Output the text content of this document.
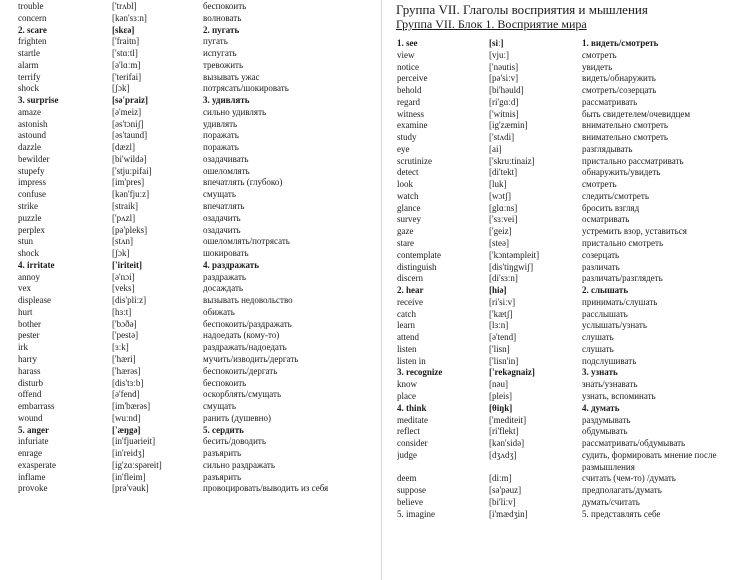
trouble	['trʌbl]	беспокоить
concern	[kən'sɜːn]	волновать
2. scare	[skɛə]	2. пугать
frighten	['fraitn]	пугать
startle	['stɑːtl]	испугать
alarm	[ə'lɑːm]	тревожить
terrify	['terifai]	вызывать ужас
shock	[ʃɔk]	потрясать/шокировать
3. surprise	[sə'praiz]	3. удивлять
amaze	[ə'meiz]	сильно удивлять
astonish	[əs'tɔniʃ]	удивлять
astound	[əs'taund]	поражать
dazzle	[dæzl]	поражать
bewilder	[bi'wildə]	озадачивать
stupefy	['stjuːpifai]	ошеломлять
impress	[im'pres]	впечатлять (глубоко)
confuse	[kən'fjuːz]	смущать
strike	[straik]	впечатлять
puzzle	['pʌzl]	озадачить
perplex	[pə'pleks]	озадачить
stun	[stʌn]	ошеломлять/потрясать
shock	[ʃɔk]	шокировать
4. irritate	['iriteit]	4. раздражать
annoy	[ə'nɔi]	раздражать
vex	[veks]	досаждать
displease	[dis'pliːz]	вызывать недовольство
hurt	[hɜːt]	обижать
bother	['bɔðə]	беспокоить/раздражать
pester	['pestə]	надоедать (кому-то)
irk	[ɜːk]	раздражать/надоедать
harry	['hæri]	мучить/изводить/дергать
harass	['hærəs]	беспокоить/дергать
disturb	[dis'tɜːb]	беспокоить
offend	[ə'fend]	оскорблять/смущать
embarrass	[im'bærəs]	смущать
wound	[wuːnd]	ранить (душевно)
5. anger	['æŋgə]	5. сердить
infuriate	[in'fjuərieit]	бесить/доводить
enrage	[in'reidʒ]	разъярить
exasperate	[ig'zɑːspəreit]	сильно раздражать
inflame	[in'fleim]	разъярить
provoke	[prə'vəuk]	провоцировать/выводить из себя
Группа VII. Глаголы восприятия и мышления
Группа VII. Блок 1. Восприятие мира
1. see	[siː]	1. видеть/смотреть
view	[vjuː]	смотреть
notice	['nəutis]	увидеть
perceive	[pə'siːv]	видеть/обнаружить
behold	[bi'həuld]	смотреть/созерцать
regard	[ri'gɑːd]	рассматривать
witness	['witnis]	быть свидетелем/очевидцем
examine	[ig'zæmin]	внимательно смотреть
study	['stʌdi]	внимательно смотреть
eye	[ai]	разглядывать
scrutinize	['skruːtinaiz]	пристально рассматривать
detect	[di'tekt]	обнаружить/увидеть
look	[luk]	смотреть
watch	[wɔtʃ]	следить/смотреть
glance	[glɑːns]	бросить взгляд
survey	['sɜːvei]	осматривать
gaze	['geiz]	устремить взор, уставиться
stare	[steə]	пристально смотреть
contemplate	['kɔntəmpleit]	созерцать
distinguish	[dis'tiŋgwiʃ]	различать
discern	[di'sɜːn]	различать/разглядеть
2. hear	[hiə]	2. слышать
receive	[ri'siːv]	принимать/слушать
catch	['kætʃ]	расслышать
learn	[lɜːn]	услышать/узнать
attend	[ə'tend]	слушать
listen	['lisn]	слушать
listen in	['lisn'in]	подслушивать
3. recognize	['rekəgnaiz]	3. узнать
know	[nəu]	знать/узнавать
place	[pleis]	узнать, вспоминать
4. think	[θiŋk]	4. думать
meditate	['mediteit]	раздумывать
reflect	[ri'flekt]	обдумывать
consider	[kən'sidə]	рассматривать/обдумывать
judge	[dʒʌdʒ]	судить, формировать мнение после
размышления
deem	[diːm]	считать (чем-то) /думать
suppose	[sə'pəuz]	предполагать/думать
believe	[bi'liːv]	думать/считать
5. imagine	[i'mædʒin]	5. представлять себе
